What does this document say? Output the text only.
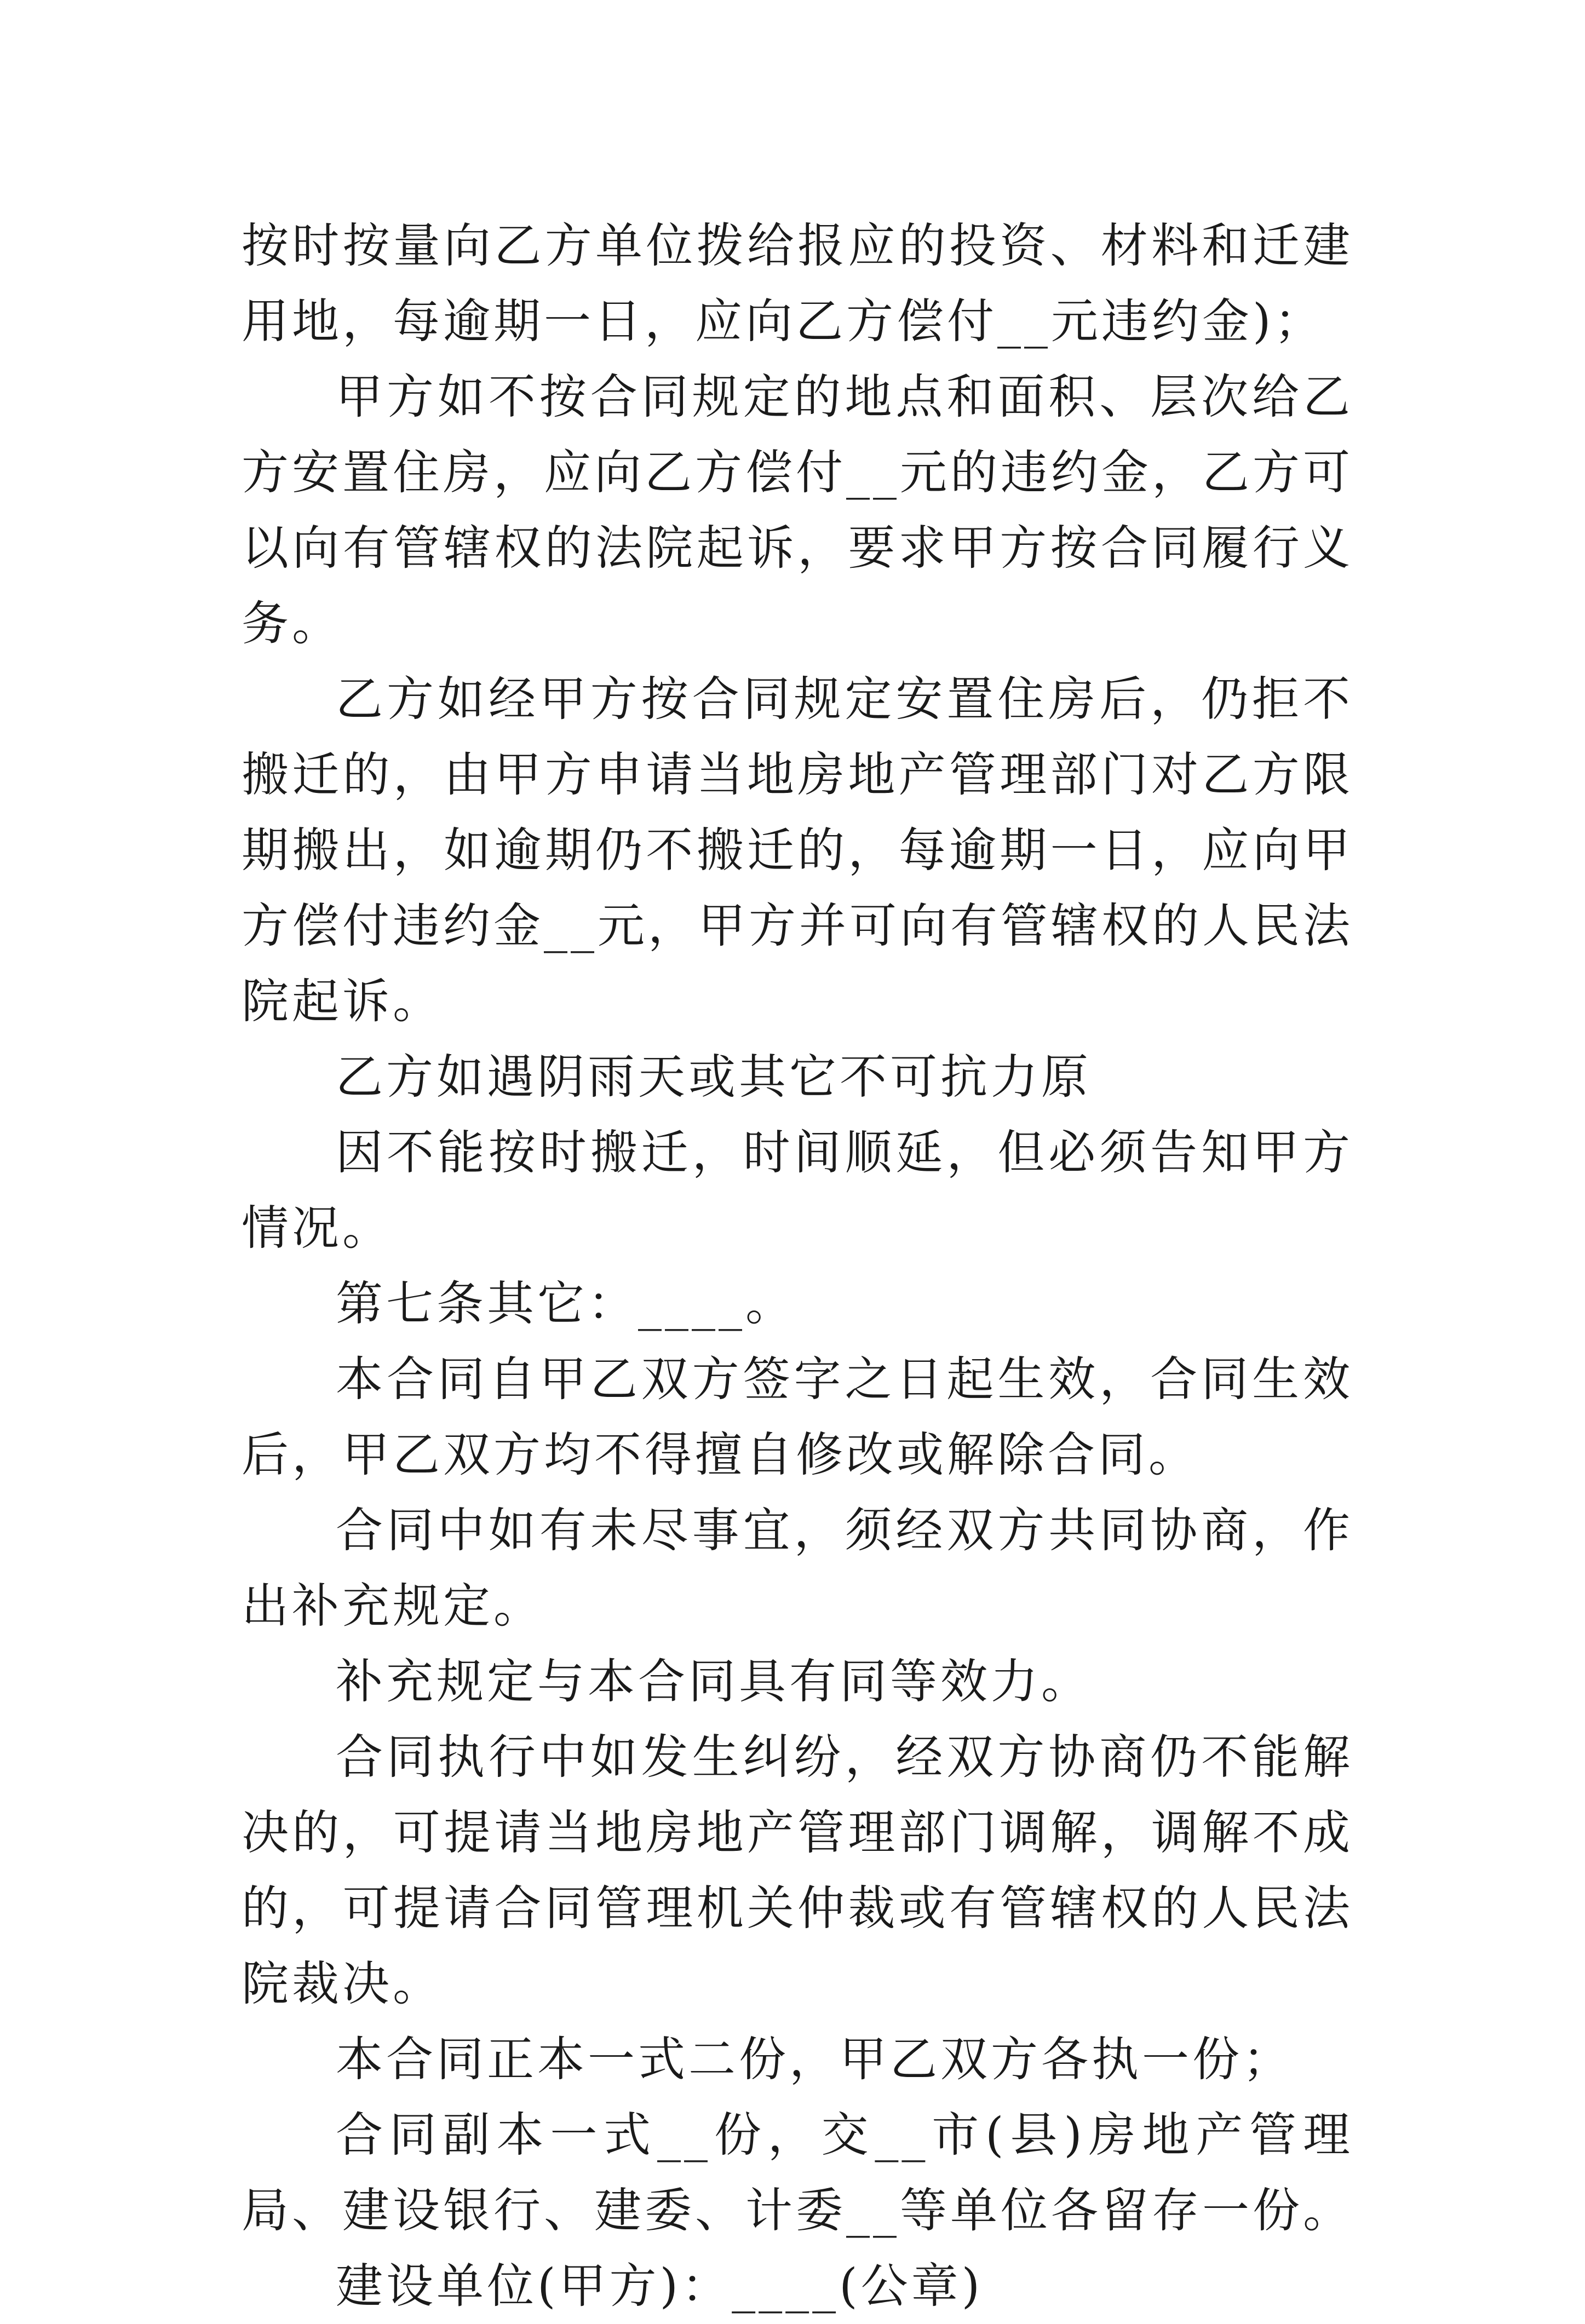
按时按量向乙方单位拨给报应的投资、材料和迁建用地，每逾期一日，应向乙方偿付__元违约金)；

甲方如不按合同规定的地点和面积、层次给乙方安置住房，应向乙方偿付__元的违约金，乙方可以向有管辖权的法院起诉，要求甲方按合同履行义务。

乙方如经甲方按合同规定安置住房后，仍拒不搬迁的，由甲方申请当地房地产管理部门对乙方限期搬出，如逾期仍不搬迁的，每逾期一日，应向甲方偿付违约金__元，甲方并可向有管辖权的人民法院起诉。

乙方如遇阴雨天或其它不可抗力原

因不能按时搬迁，时间顺延，但必须告知甲方情况。

第七条其它：____。

本合同自甲乙双方签字之日起生效，合同生效后，甲乙双方均不得擅自修改或解除合同。

合同中如有未尽事宜，须经双方共同协商，作出补充规定。

补充规定与本合同具有同等效力。

合同执行中如发生纠纷，经双方协商仍不能解决的，可提请当地房地产管理部门调解，调解不成的，可提请合同管理机关仲裁或有管辖权的人民法院裁决。

本合同正本一式二份，甲乙双方各执一份；

合同副本一式__份，交__市(县)房地产管理局、建设银行、建委、计委__等单位各留存一份。

建设单位(甲方)：____(公章)
